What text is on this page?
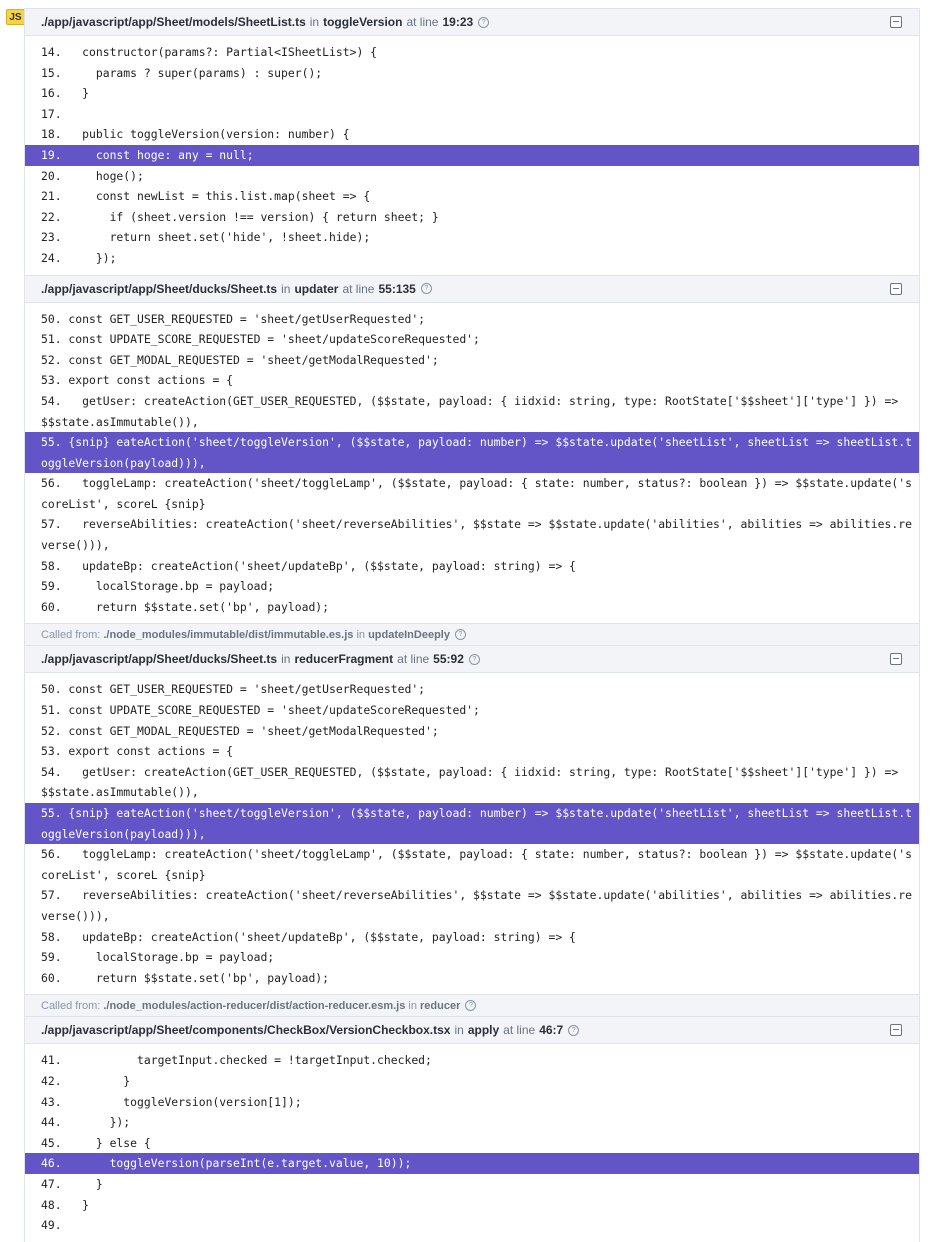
JS ./app/javascript/app/Sheet/models/SheetList.ts in toggleVersion at line 19:23	?
14.   constructor(params?: Partial<ISheetList>) {
15.     params ? super(params) : super();
16.   }
17.
18.   public toggleVersion(version: number) {
19.     const hoge: any = null;
20.     hoge();
21.     const newList = this.list.map(sheet => {
22.       if (sheet.version !== version) { return sheet; }
23.       return sheet.set('hide', !sheet.hide);
24.     });
./app/javascript/app/Sheet/ducks/Sheet.ts in updater at line 55:135	?
50. const GET_USER_REQUESTED = 'sheet/getUserRequested';
51. const UPDATE_SCORE_REQUESTED = 'sheet/updateScoreRequested';
52. const GET_MODAL_REQUESTED = 'sheet/getModalRequested';
53. export const actions = {
54.   getUser: createAction(GET_USER_REQUESTED, ($$state, payload: { iidxid: string, type: RootState['$$sheet']['type'] }) => $$state.asImmutable()),
55. {snip} eateAction('sheet/toggleVersion', ($$state, payload: number) => $$state.update('sheetList', sheetList => sheetList.toggleVersion(payload))),
56.   toggleLamp: createAction('sheet/toggleLamp', ($$state, payload: { state: number, status?: boolean }) => $$state.update('scoreList', scoreL {snip}
57.   reverseAbilities: createAction('sheet/reverseAbilities', $$state => $$state.update('abilities', abilities => abilities.reverse())),
58.   updateBp: createAction('sheet/updateBp', ($$state, payload: string) => {
59.     localStorage.bp = payload;
60.     return $$state.set('bp', payload);
Called from:
./node_modules/immutable/dist/immutable.es.js
in
updateInDeeply	?
./app/javascript/app/Sheet/ducks/Sheet.ts in reducerFragment at line 55:92	?
50. const GET_USER_REQUESTED = 'sheet/getUserRequested';
51. const UPDATE_SCORE_REQUESTED = 'sheet/updateScoreRequested';
52. const GET_MODAL_REQUESTED = 'sheet/getModalRequested';
53. export const actions = {
54.   getUser: createAction(GET_USER_REQUESTED, ($$state, payload: { iidxid: string, type: RootState['$$sheet']['type'] }) => $$state.asImmutable()),
55. {snip} eateAction('sheet/toggleVersion', ($$state, payload: number) => $$state.update('sheetList', sheetList => sheetList.toggleVersion(payload))),
56.   toggleLamp: createAction('sheet/toggleLamp', ($$state, payload: { state: number, status?: boolean }) => $$state.update('scoreList', scoreL {snip}
57.   reverseAbilities: createAction('sheet/reverseAbilities', $$state => $$state.update('abilities', abilities => abilities.reverse())),
58.   updateBp: createAction('sheet/updateBp', ($$state, payload: string) => {
59.     localStorage.bp = payload;
60.     return $$state.set('bp', payload);
Called from:
./node_modules/action-reducer/dist/action-reducer.esm.js
in
reducer	?
./app/javascript/app/Sheet/components/CheckBox/VersionCheckbox.tsx in apply at line 46:7	?
41.           targetInput.checked = !targetInput.checked;
42.         }
43.         toggleVersion(version[1]);
44.       });
45.     } else {
46.       toggleVersion(parseInt(e.target.value, 10));
47.     }
48.   }
49.
